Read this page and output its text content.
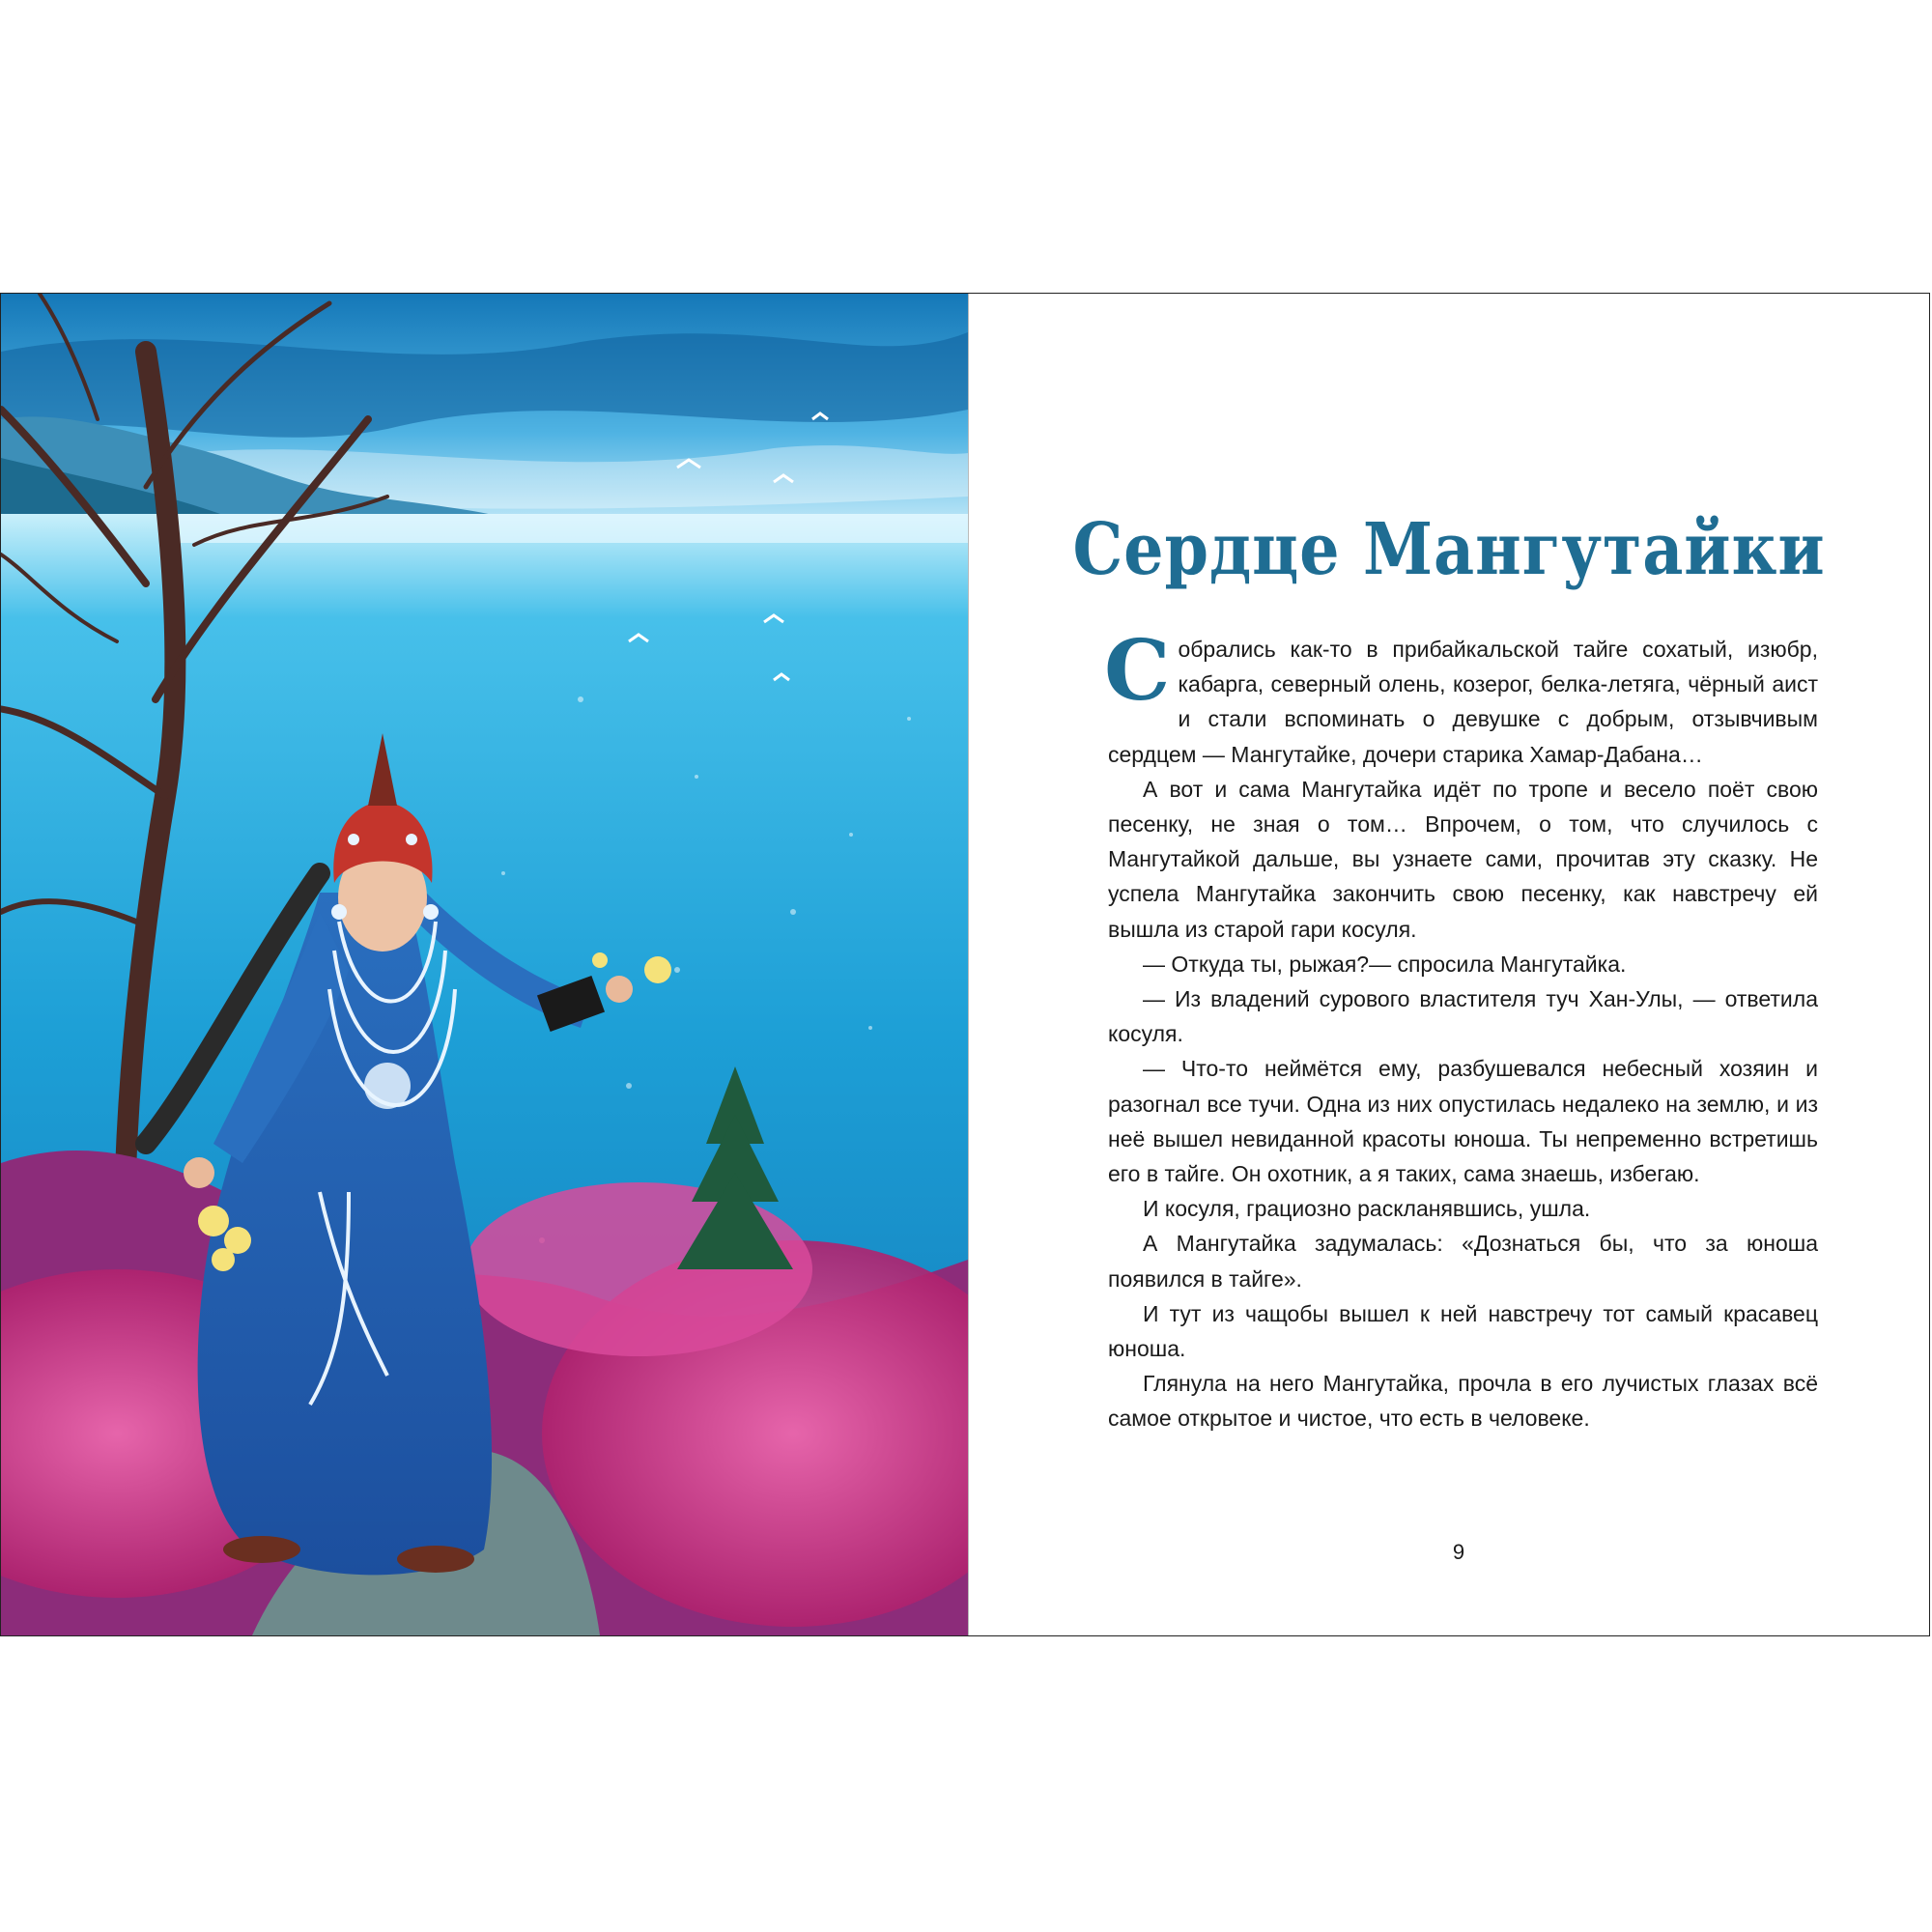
Сердце Мангутайки

Собрались как-то в прибайкальской тайге сохатый, изюбр, кабарга, северный олень, козерог, белка-летяга, чёрный аист и стали вспоминать о девушке с добрым, отзывчивым сердцем — Мангутайке, дочери старика Хамар-Дабана…

А вот и сама Мангутайка идёт по тропе и весело поёт свою песенку, не зная о том… Впрочем, о том, что случилось с Мангутайкой дальше, вы узнаете сами, прочитав эту сказку. Не успела Мангутайка закончить свою песенку, как навстречу ей вышла из старой гари косуля.

— Откуда ты, рыжая?— спросила Мангутайка.

— Из владений сурового властителя туч Хан-Улы, — ответила косуля.

— Что-то неймётся ему, разбушевался небесный хозяин и разогнал все тучи. Одна из них опустилась недалеко на землю, и из неё вышел невиданной красоты юноша. Ты непременно встретишь его в тайге. Он охотник, а я таких, сама знаешь, избегаю.

И косуля, грациозно раскланявшись, ушла.

А Мангутайка задумалась: «Дознаться бы, что за юноша появился в тайге».

И тут из чащобы вышел к ней навстречу тот самый красавец юноша.

Глянула на него Мангутайка, прочла в его лучистых глазах всё самое открытое и чистое, что есть в человеке.

9
